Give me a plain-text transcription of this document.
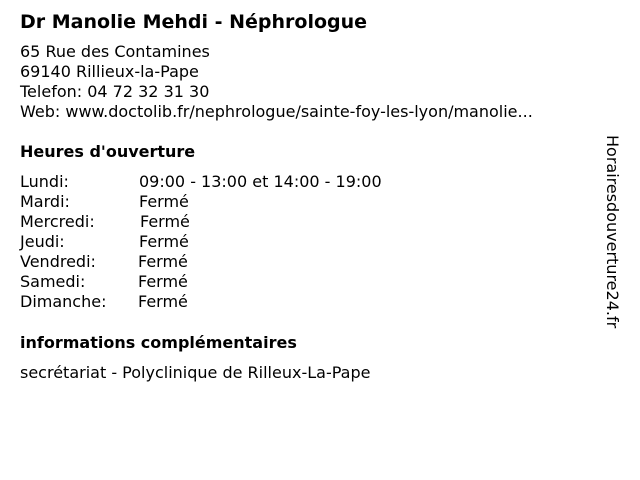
Dr Manolie Mehdi - Néphrologue
65 Rue des Contamines
69140 Rillieux-la-Pape
Telefon: 04 72 32 31 30
Web: www.doctolib.fr/nephrologue/sainte-foy-les-lyon/manolie...
Heures d'ouverture
Lundi:	09:00 - 13:00 et 14:00 - 19:00
Mardi:	Fermé
Mercredi:	Fermé
Jeudi:	Fermé
Vendredi:	Fermé
Samedi:	Fermé
Dimanche: Fermé
informations complémentaires
secrétariat - Polyclinique de Rilleux-La-Pape
Horairesdouverture24.fr
